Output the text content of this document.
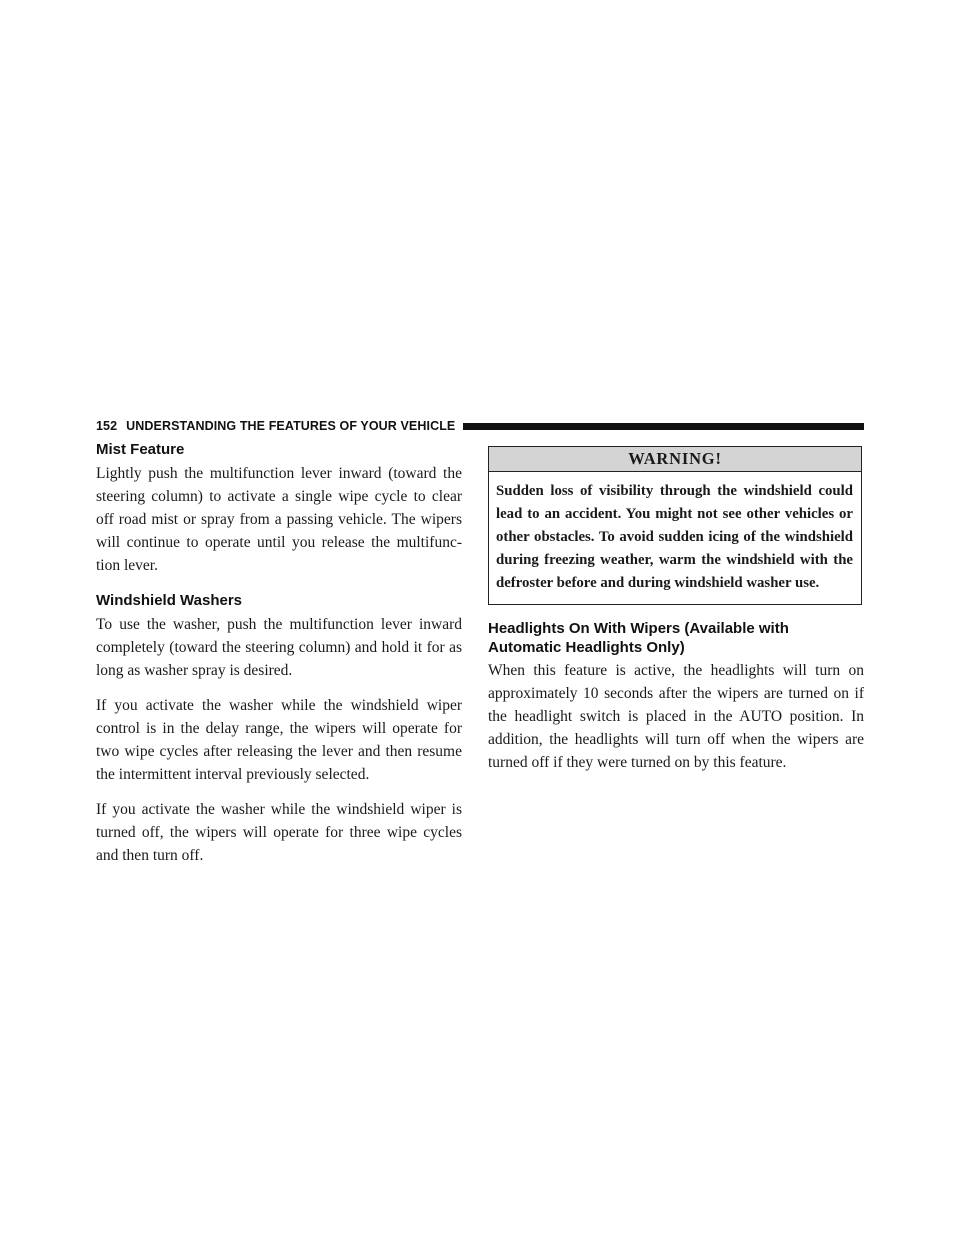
152 UNDERSTANDING THE FEATURES OF YOUR VEHICLE
Mist Feature

Lightly push the multifunction lever inward (toward the steering column) to activate a single wipe cycle to clear off road mist or spray from a passing vehicle. The wipers will continue to operate until you release the multifunc-tion lever.

Windshield Washers

To use the washer, push the multifunction lever inward completely (toward the steering column) and hold it for as long as washer spray is desired.

If you activate the washer while the windshield wiper control is in the delay range, the wipers will operate for two wipe cycles after releasing the lever and then resume the intermittent interval previously selected.

If you activate the washer while the windshield wiper is turned off, the wipers will operate for three wipe cycles and then turn off.

WARNING!
Sudden loss of visibility through the windshield could lead to an accident. You might not see other vehicles or other obstacles. To avoid sudden icing of the windshield during freezing weather, warm the windshield with the defroster before and during windshield washer use.
Headlights On With Wipers (Available with Automatic Headlights Only)

When this feature is active, the headlights will turn on approximately 10 seconds after the wipers are turned on if the headlight switch is placed in the AUTO position. In addition, the headlights will turn off when the wipers are turned off if they were turned on by this feature.
